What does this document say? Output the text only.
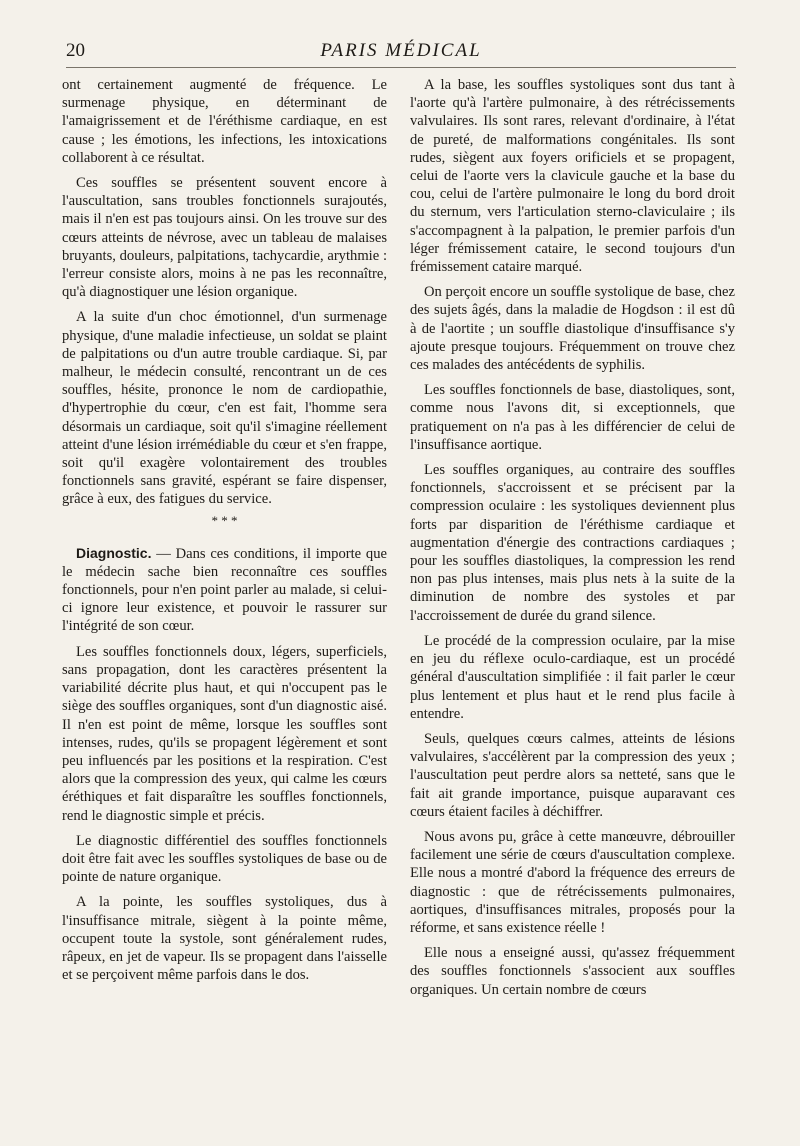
20	PARIS MÉDICAL

ont certainement augmenté de fréquence. Le surmenage physique, en déterminant de l'amaigrissement et de l'éréthisme cardiaque, en est cause ; les émotions, les infections, les intoxications collaborent à ce résultat.

Ces souffles se présentent souvent encore à l'auscultation, sans troubles fonctionnels surajoutés, mais il n'en est pas toujours ainsi. On les trouve sur des cœurs atteints de névrose, avec un tableau de malaises bruyants, douleurs, palpitations, tachycardie, arythmie : l'erreur consiste alors, moins à ne pas les reconnaître, qu'à diagnostiquer une lésion organique.

A la suite d'un choc émotionnel, d'un surmenage physique, d'une maladie infectieuse, un soldat se plaint de palpitations ou d'un autre trouble cardiaque. Si, par malheur, le médecin consulté, rencontrant un de ces souffles, hésite, prononce le nom de cardiopathie, d'hypertrophie du cœur, c'en est fait, l'homme sera désormais un cardiaque, soit qu'il s'imagine réellement atteint d'une lésion irrémédiable du cœur et s'en frappe, soit qu'il exagère volontairement des troubles fonctionnels sans gravité, espérant se faire dispenser, grâce à eux, des fatigues du service.

* * *

Diagnostic. — Dans ces conditions, il importe que le médecin sache bien reconnaître ces souffles fonctionnels, pour n'en point parler au malade, si celui-ci ignore leur existence, et pouvoir le rassurer sur l'intégrité de son cœur.

Les souffles fonctionnels doux, légers, superficiels, sans propagation, dont les caractères présentent la variabilité décrite plus haut, et qui n'occupent pas le siège des souffles organiques, sont d'un diagnostic aisé. Il n'en est point de même, lorsque les souffles sont intenses, rudes, qu'ils se propagent légèrement et sont peu influencés par les positions et la respiration. C'est alors que la compression des yeux, qui calme les cœurs éréthiques et fait disparaître les souffles fonctionnels, rend le diagnostic simple et précis.

Le diagnostic différentiel des souffles fonctionnels doit être fait avec les souffles systoliques de base ou de pointe de nature organique.

A la pointe, les souffles systoliques, dus à l'insuffisance mitrale, siègent à la pointe même, occupent toute la systole, sont généralement rudes, râpeux, en jet de vapeur. Ils se propagent dans l'aisselle et se perçoivent même parfois dans le dos.

A la base, les souffles systoliques sont dus tant à l'aorte qu'à l'artère pulmonaire, à des rétrécissements valvulaires. Ils sont rares, relevant d'ordinaire, à l'état de pureté, de malformations congénitales. Ils sont rudes, siègent aux foyers orificiels et se propagent, celui de l'aorte vers la clavicule gauche et la base du cou, celui de l'artère pulmonaire le long du bord droit du sternum, vers l'articulation sterno-claviculaire ; ils s'accompagnent à la palpation, le premier parfois d'un léger frémissement cataire, le second toujours d'un frémissement cataire marqué.

On perçoit encore un souffle systolique de base, chez des sujets âgés, dans la maladie de Hogdson : il est dû à de l'aortite ; un souffle diastolique d'insuffisance s'y ajoute presque toujours. Fréquemment on trouve chez ces malades des antécédents de syphilis.

Les souffles fonctionnels de base, diastoliques, sont, comme nous l'avons dit, si exceptionnels, que pratiquement on n'a pas à les différencier de celui de l'insuffisance aortique.

Les souffles organiques, au contraire des souffles fonctionnels, s'accroissent et se précisent par la compression oculaire : les systoliques deviennent plus forts par disparition de l'éréthisme cardiaque et augmentation d'énergie des contractions cardiaques ; pour les souffles diastoliques, la compression les rend non pas plus intenses, mais plus nets à la suite de la diminution de nombre des systoles et par l'accroissement de durée du grand silence.

Le procédé de la compression oculaire, par la mise en jeu du réflexe oculo-cardiaque, est un procédé général d'auscultation simplifiée : il fait parler le cœur plus lentement et plus haut et le rend plus facile à entendre.

Seuls, quelques cœurs calmes, atteints de lésions valvulaires, s'accélèrent par la compression des yeux ; l'auscultation peut perdre alors sa netteté, sans que le fait ait grande importance, puisque auparavant ces cœurs étaient faciles à déchiffrer.

Nous avons pu, grâce à cette manœuvre, débrouiller facilement une série de cœurs d'auscultation complexe. Elle nous a montré d'abord la fréquence des erreurs de diagnostic : que de rétrécissements pulmonaires, aortiques, d'insuffisances mitrales, proposés pour la réforme, et sans existence réelle !

Elle nous a enseigné aussi, qu'assez fréquemment des souffles fonctionnels s'associent aux souffles organiques. Un certain nombre de cœurs
